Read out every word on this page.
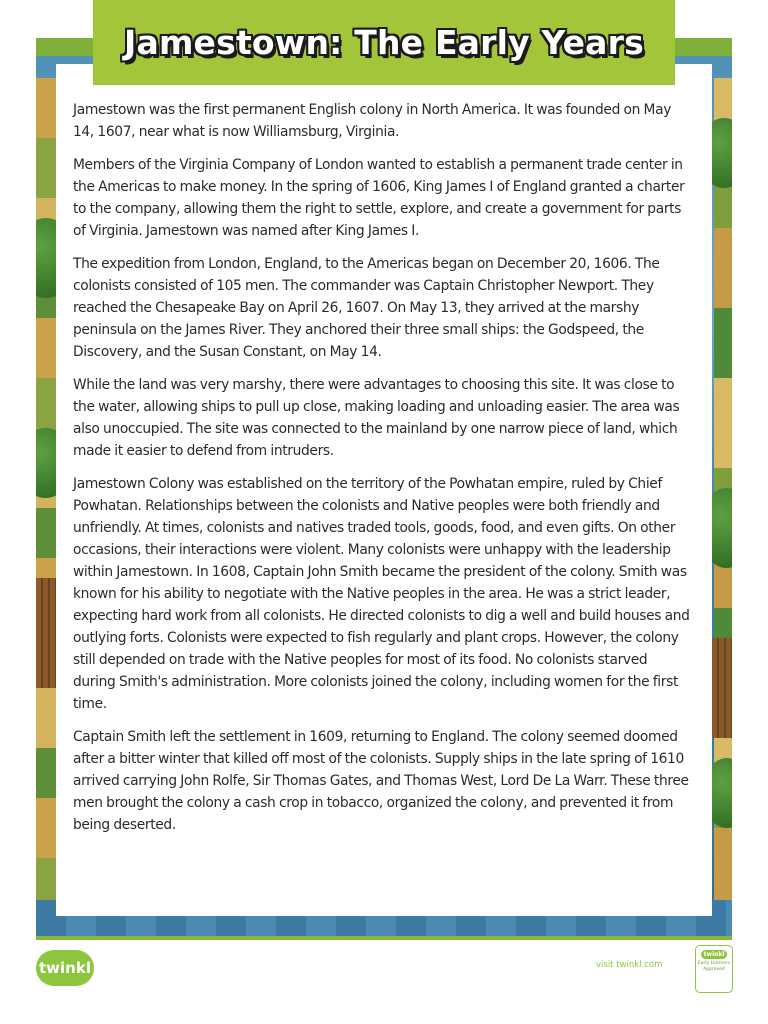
Jamestown: The Early Years

Jamestown was the first permanent English colony in North America. It was founded on May 14, 1607, near what is now Williamsburg, Virginia.

Members of the Virginia Company of London wanted to establish a permanent trade center in the Americas to make money. In the spring of 1606, King James I of England granted a charter to the company, allowing them the right to settle, explore, and create a government for parts of Virginia. Jamestown was named after King James I.

The expedition from London, England, to the Americas began on December 20, 1606. The colonists consisted of 105 men. The commander was Captain Christopher Newport. They reached the Chesapeake Bay on April 26, 1607. On May 13, they arrived at the marshy peninsula on the James River. They anchored their three small ships: the Godspeed, the Discovery, and the Susan Constant, on May 14.

While the land was very marshy, there were advantages to choosing this site. It was close to the water, allowing ships to pull up close, making loading and unloading easier. The area was also unoccupied. The site was connected to the mainland by one narrow piece of land, which made it easier to defend from intruders.

Jamestown Colony was established on the territory of the Powhatan empire, ruled by Chief Powhatan. Relationships between the colonists and Native peoples were both friendly and unfriendly. At times, colonists and natives traded tools, goods, food, and even gifts. On other occasions, their interactions were violent. Many colonists were unhappy with the leadership within Jamestown. In 1608, Captain John Smith became the president of the colony. Smith was known for his ability to negotiate with the Native peoples in the area. He was a strict leader, expecting hard work from all colonists. He directed colonists to dig a well and build houses and outlying forts. Colonists were expected to fish regularly and plant crops. However, the colony still depended on trade with the Native peoples for most of its food. No colonists starved during Smith's administration. More colonists joined the colony, including women for the first time.

Captain Smith left the settlement in 1609, returning to England. The colony seemed doomed after a bitter winter that killed off most of the colonists. Supply ships in the late spring of 1610 arrived carrying John Rolfe, Sir Thomas Gates, and Thomas West, Lord De La Warr. These three men brought the colony a cash crop in tobacco, organized the colony, and prevented it from being deserted.

twinkl	visit twinkl.com
twinkl
Early Learners Approved
